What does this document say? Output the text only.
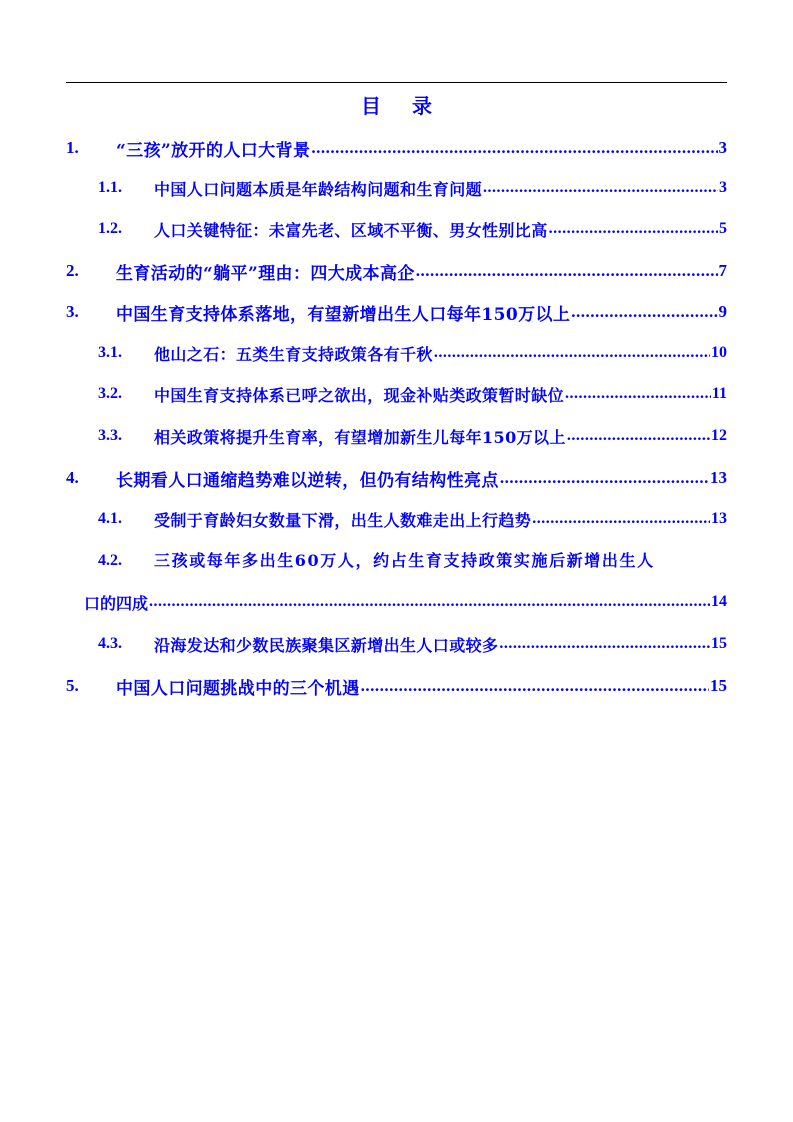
目 录
1. “三孩”放开的人口大背景 .....	3
1.1. 中国人口问题本质是年龄结构问题和生育问题 .....	3
1.2. 人口关键特征：未富先老、区域不平衡、男女性别比高 .....	5
2. 生育活动的“躺平”理由：四大成本高企 .....	7
3. 中国生育支持体系落地，有望新增出生人口每年150万以上 .....	9
3.1. 他山之石：五类生育支持政策各有千秋 .....	10
3.2. 中国生育支持体系已呼之欲出，现金补贴类政策暂时缺位 .....	11
3.3. 相关政策将提升生育率，有望增加新生儿每年150万以上 .....	12
4. 长期看人口通缩趋势难以逆转，但仍有结构性亮点 .....	13
4.1. 受制于育龄妇女数量下滑，出生人数难走出上行趋势 .....	13
4.2. 三孩或每年多出生60万人，约占生育支持政策实施后新增出生人
口的四成 .....	14
4.3. 沿海发达和少数民族聚集区新增出生人口或较多 .....	15
5. 中国人口问题挑战中的三个机遇 .....	15
